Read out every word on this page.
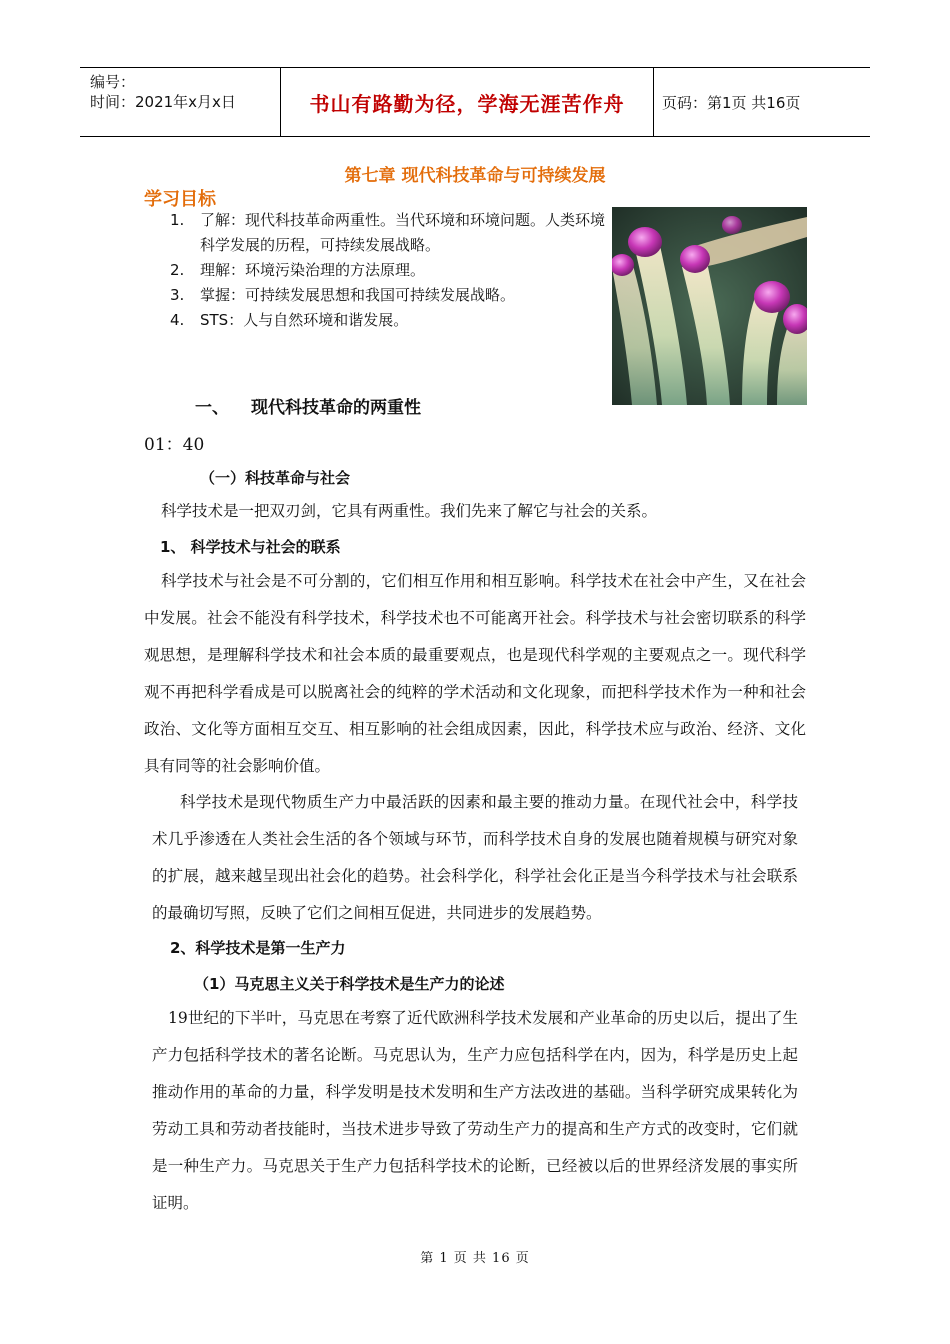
编号：
时间：2021年x月x日	书山有路勤为径，学海无涯苦作舟	页码：第1页 共16页
第七章 现代科技革命与可持续发展
学习目标
1. 了解：现代科技革命两重性。当代环境和环境问题。人类环境科学发展的历程，可持续发展战略。
2. 理解：环境污染治理的方法原理。
3. 掌握：可持续发展思想和我国可持续发展战略。
4. STS：人与自然环境和谐发展。
一、 现代科技革命的两重性
01：40
（一）科技革命与社会

科学技术是一把双刃剑，它具有两重性。我们先来了解它与社会的关系。

1、 科学技术与社会的联系

科学技术与社会是不可分割的，它们相互作用和相互影响。科学技术在社会中产生，又在社会中发展。社会不能没有科学技术，科学技术也不可能离开社会。科学技术与社会密切联系的科学观思想，是理解科学技术和社会本质的最重要观点，也是现代科学观的主要观点之一。现代科学观不再把科学看成是可以脱离社会的纯粹的学术活动和文化现象，而把科学技术作为一种和社会政治、文化等方面相互交互、相互影响的社会组成因素，因此，科学技术应与政治、经济、文化具有同等的社会影响价值。

科学技术是现代物质生产力中最活跃的因素和最主要的推动力量。在现代社会中，科学技术几乎渗透在人类社会生活的各个领域与环节，而科学技术自身的发展也随着规模与研究对象的扩展，越来越呈现出社会化的趋势。社会科学化，科学社会化正是当今科学技术与社会联系的最确切写照，反映了它们之间相互促进，共同进步的发展趋势。

2、科学技术是第一生产力
（1）马克思主义关于科学技术是生产力的论述

19世纪的下半叶，马克思在考察了近代欧洲科学技术发展和产业革命的历史以后，提出了生产力包括科学技术的著名论断。马克思认为，生产力应包括科学在内，因为，科学是历史上起推动作用的革命的力量，科学发明是技术发明和生产方法改进的基础。当科学研究成果转化为劳动工具和劳动者技能时，当技术进步导致了劳动生产力的提高和生产方式的改变时，它们就是一种生产力。马克思关于生产力包括科学技术的论断，已经被以后的世界经济发展的事实所证明。

第 1 页 共 16 页
